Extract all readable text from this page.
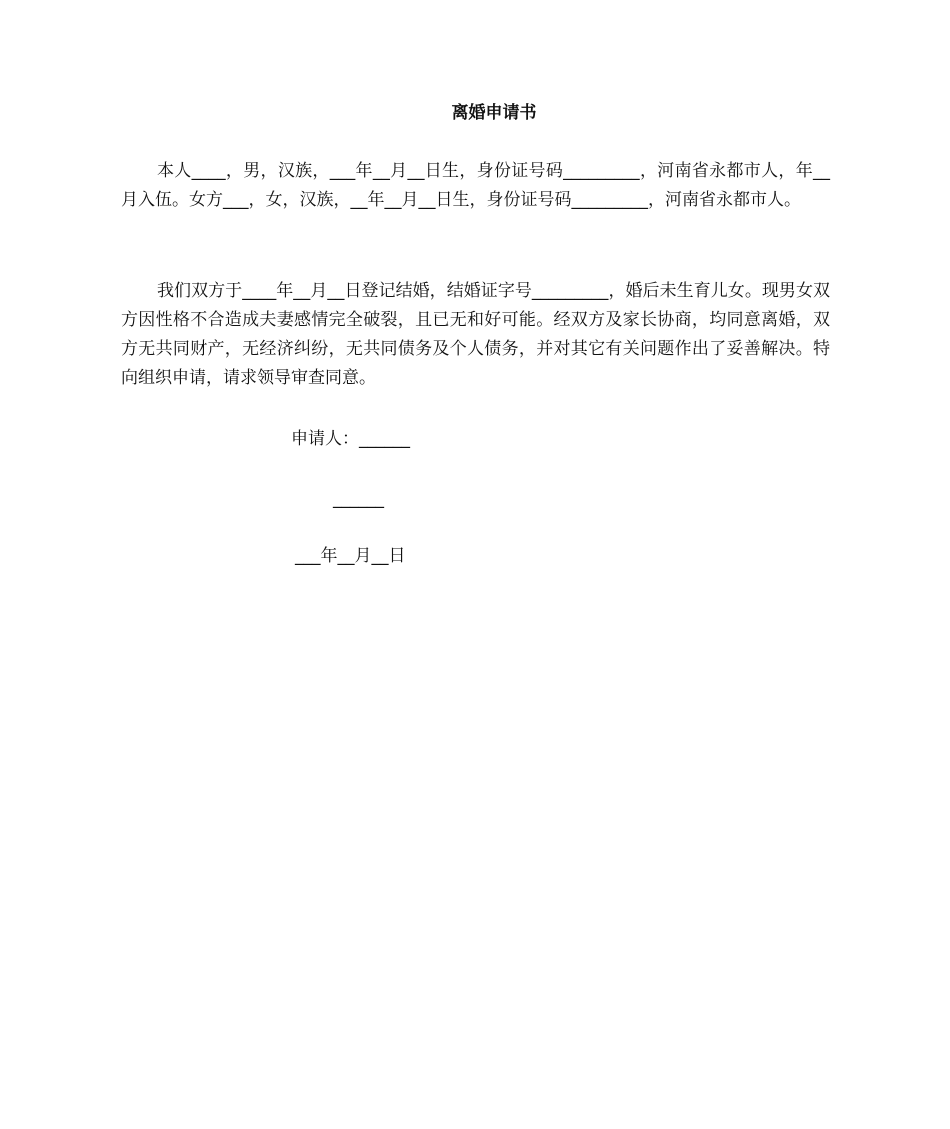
离婚申请书

本人____，男，汉族，___年__月__日生，身份证号码_________，河南省永都市人，年__月入伍。女方___，女，汉族，__年__月__日生，身份证号码_________，河南省永都市人。

我们双方于____年__月__日登记结婚，结婚证字号_________，婚后未生育儿女。现男女双方因性格不合造成夫妻感情完全破裂，且已无和好可能。经双方及家长协商，均同意离婚，双方无共同财产，无经济纠纷，无共同债务及个人债务，并对其它有关问题作出了妥善解决。特向组织申请，请求领导审查同意。

申请人：______
______
___年__月__日
